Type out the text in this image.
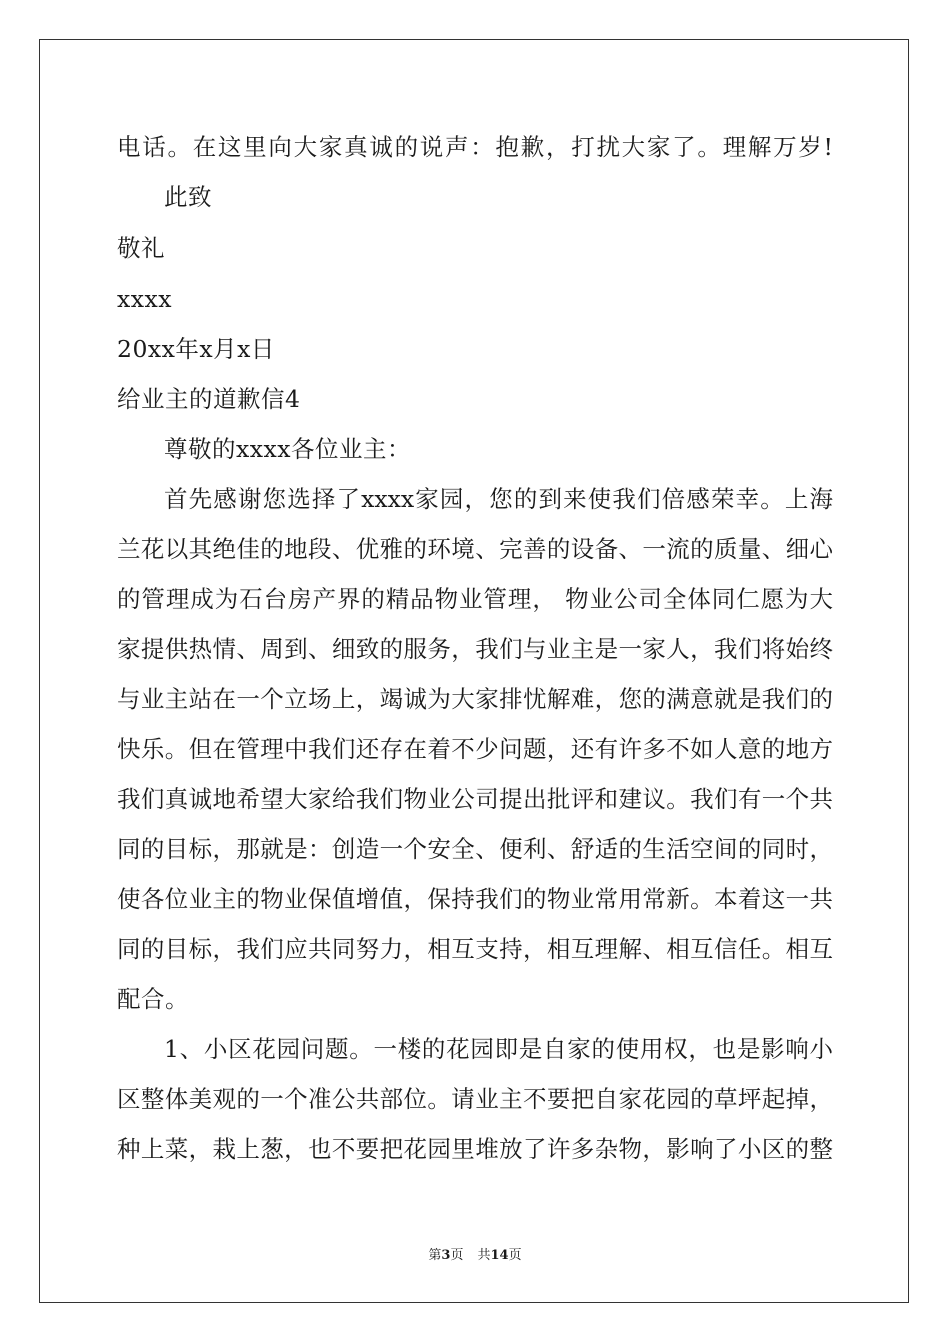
电话。在这里向大家真诚的说声：抱歉，打扰大家了。理解万岁!
此致
敬礼
xxxx
20xx年x月x日
给业主的道歉信4
尊敬的xxxx各位业主：
首先感谢您选择了xxxx家园，您的到来使我们倍感荣幸。上海
兰花以其绝佳的地段、优雅的环境、完善的设备、一流的质量、细心
的管理成为石台房产界的精品物业管理， 物业公司全体同仁愿为大
家提供热情、周到、细致的服务，我们与业主是一家人，我们将始终
与业主站在一个立场上，竭诚为大家排忧解难，您的满意就是我们的
快乐。但在管理中我们还存在着不少问题，还有许多不如人意的地方
我们真诚地希望大家给我们物业公司提出批评和建议。我们有一个共
同的目标，那就是：创造一个安全、便利、舒适的生活空间的同时，
使各位业主的物业保值增值，保持我们的物业常用常新。本着这一共
同的目标，我们应共同努力，相互支持，相互理解、相互信任。相互
配合。
1、小区花园问题。一楼的花园即是自家的使用权，也是影响小
区整体美观的一个准公共部位。请业主不要把自家花园的草坪起掉，
种上菜，栽上葱，也不要把花园里堆放了许多杂物，影响了小区的整
第3页 共14页
